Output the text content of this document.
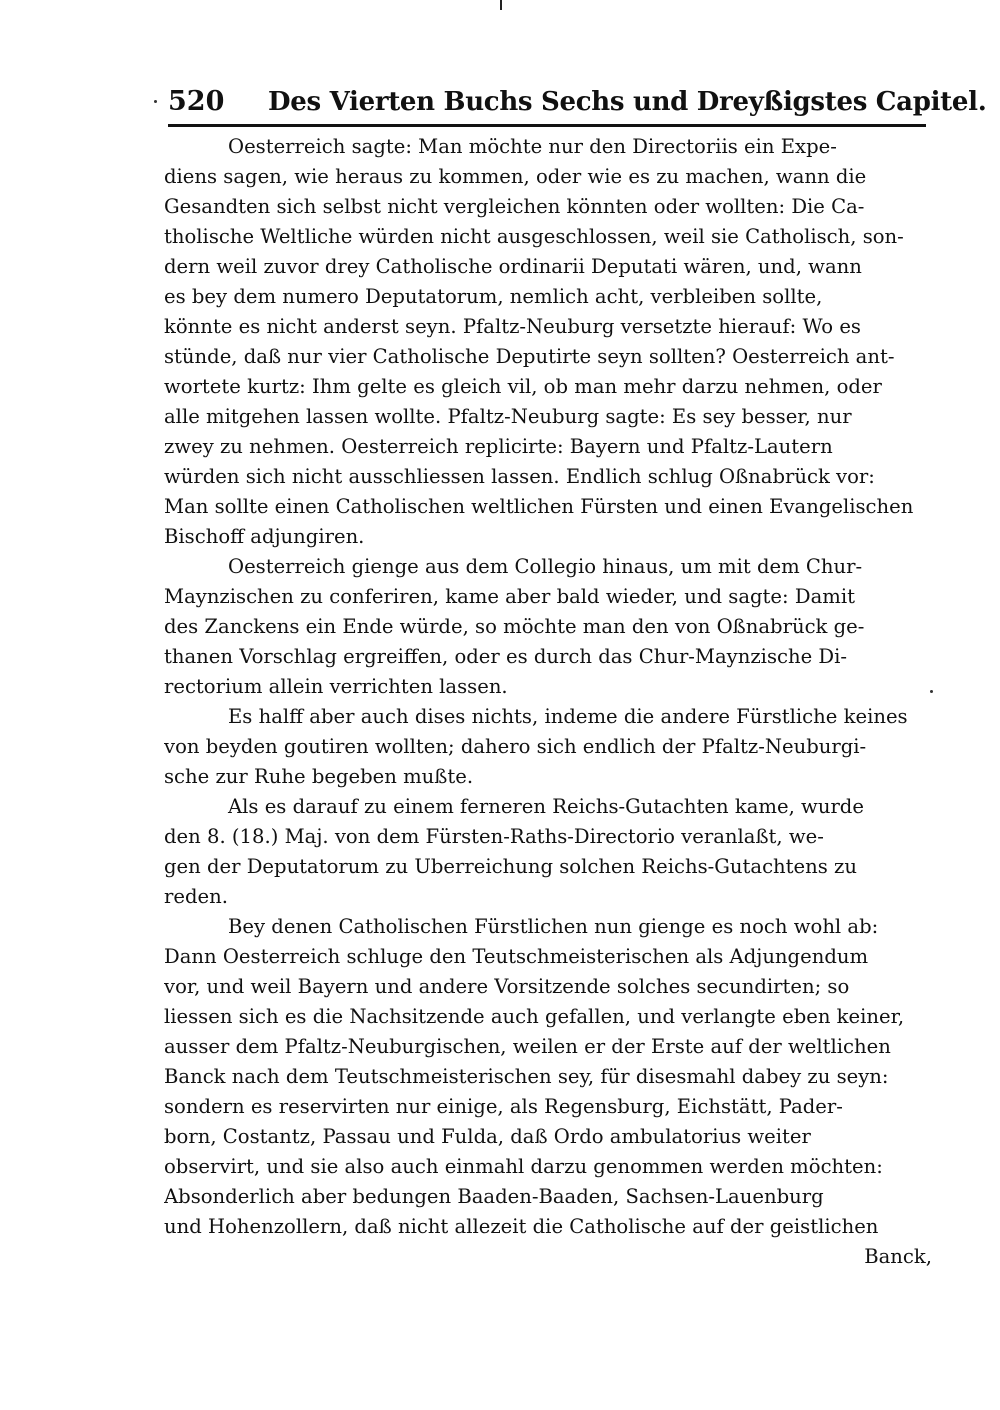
520 Des Vierten Buchs Sechs und Dreyßigstes Capitel.
Oesterreich sagte: Man möchte nur den Directoriis ein Expe-
diens sagen, wie heraus zu kommen, oder wie es zu machen, wann die
Gesandten sich selbst nicht vergleichen könnten oder wollten: Die Ca-
tholische Weltliche würden nicht ausgeschlossen, weil sie Catholisch, son-
dern weil zuvor drey Catholische ordinarii Deputati wären, und, wann
es bey dem numero Deputatorum, nemlich acht, verbleiben sollte,
könnte es nicht anderst seyn. Pfaltz-Neuburg versetzte hierauf: Wo es
stünde, daß nur vier Catholische Deputirte seyn sollten? Oesterreich ant-
wortete kurtz: Ihm gelte es gleich vil, ob man mehr darzu nehmen, oder
alle mitgehen lassen wollte. Pfaltz-Neuburg sagte: Es sey besser, nur
zwey zu nehmen. Oesterreich replicirte: Bayern und Pfaltz-Lautern
würden sich nicht ausschliessen lassen. Endlich schlug Oßnabrück vor:
Man sollte einen Catholischen weltlichen Fürsten und einen Evangelischen
Bischoff adjungiren.
Oesterreich gienge aus dem Collegio hinaus, um mit dem Chur-
Maynzischen zu conferiren, kame aber bald wieder, und sagte: Damit
des Zanckens ein Ende würde, so möchte man den von Oßnabrück ge-
thanen Vorschlag ergreiffen, oder es durch das Chur-Maynzische Di-
rectorium allein verrichten lassen.
Es halff aber auch dises nichts, indeme die andere Fürstliche keines
von beyden goutiren wollten; dahero sich endlich der Pfaltz-Neuburgi-
sche zur Ruhe begeben mußte.
Als es darauf zu einem ferneren Reichs-Gutachten kame, wurde
den 8. (18.) Maj. von dem Fürsten-Raths-Directorio veranlaßt, we-
gen der Deputatorum zu Uberreichung solchen Reichs-Gutachtens zu
reden.
Bey denen Catholischen Fürstlichen nun gienge es noch wohl ab:
Dann Oesterreich schluge den Teutschmeisterischen als Adjungendum
vor, und weil Bayern und andere Vorsitzende solches secundirten; so
liessen sich es die Nachsitzende auch gefallen, und verlangte eben keiner,
ausser dem Pfaltz-Neuburgischen, weilen er der Erste auf der weltlichen
Banck nach dem Teutschmeisterischen sey, für disesmahl dabey zu seyn:
sondern es reservirten nur einige, als Regensburg, Eichstätt, Pader-
born, Costantz, Passau und Fulda, daß Ordo ambulatorius weiter
observirt, und sie also auch einmahl darzu genommen werden möchten:
Absonderlich aber bedungen Baaden-Baaden, Sachsen-Lauenburg
und Hohenzollern, daß nicht allezeit die Catholische auf der geistlichen
Banck,
